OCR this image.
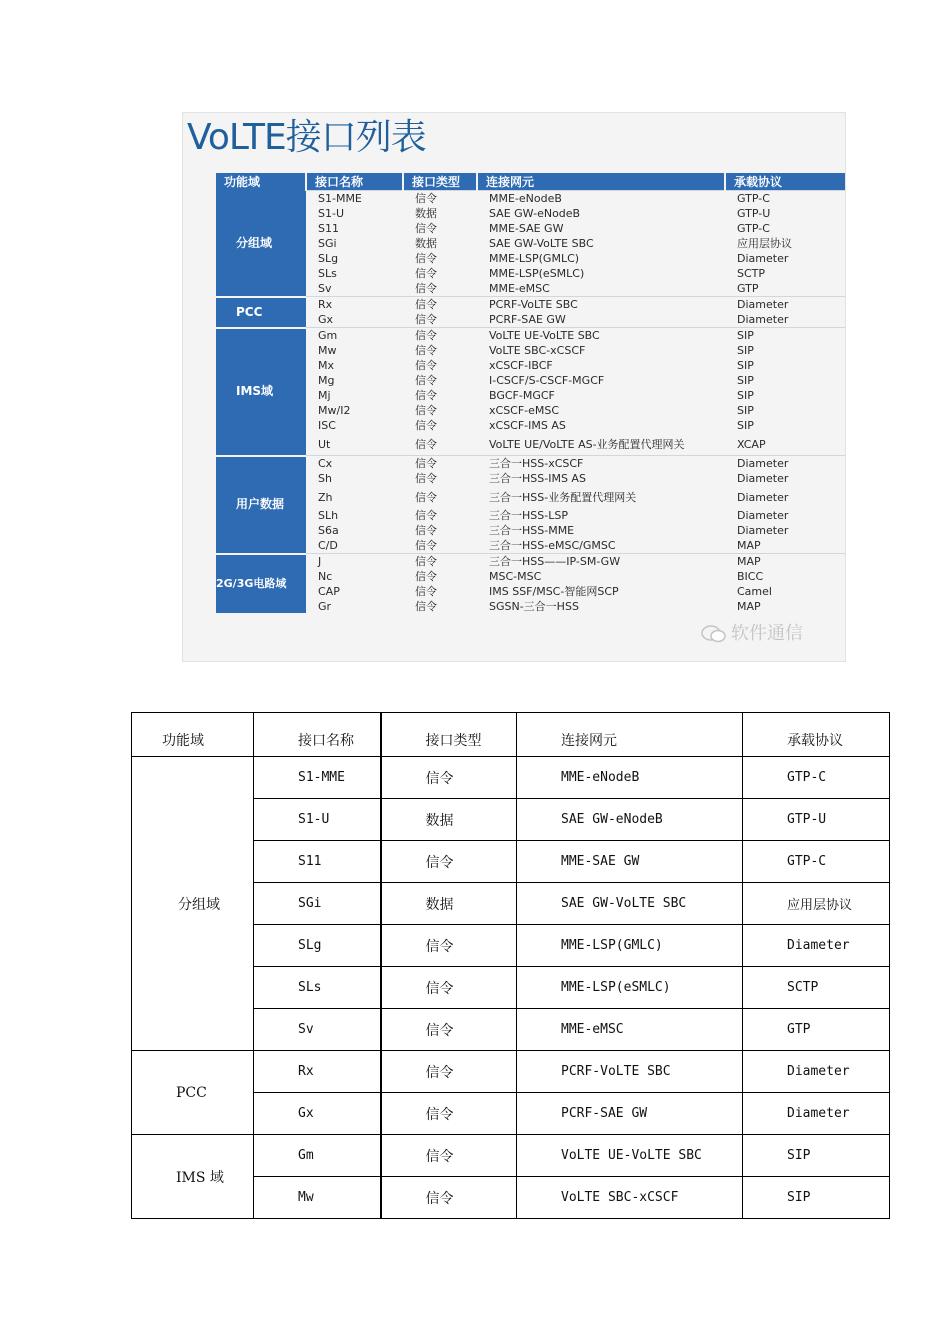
VoLTE接口列表
功能域	接口名称	接口类型	连接网元	承载协议
分组域	S1-MME	信令	MME-eNodeB	GTP-C
	S1-U	数据	SAE GW-eNodeB	GTP-U
	S11	信令	MME-SAE GW	GTP-C
	SGi	数据	SAE GW-VoLTE SBC	应用层协议
	SLg	信令	MME-LSP(GMLC)	Diameter
	SLs	信令	MME-LSP(eSMLC)	SCTP
	Sv	信令	MME-eMSC	GTP
PCC	Rx	信令	PCRF-VoLTE SBC	Diameter
	Gx	信令	PCRF-SAE GW	Diameter
IMS域	Gm	信令	VoLTE UE-VoLTE SBC	SIP
	Mw	信令	VoLTE SBC-xCSCF	SIP
	Mx	信令	xCSCF-IBCF	SIP
	Mg	信令	I-CSCF/S-CSCF-MGCF	SIP
	Mj	信令	BGCF-MGCF	SIP
	Mw/I2	信令	xCSCF-eMSC	SIP
	ISC	信令	xCSCF-IMS AS	SIP
	Ut	信令	VoLTE UE/VoLTE AS-业务配置代理网关	XCAP
用户数据	Cx	信令	三合一HSS-xCSCF	Diameter
	Sh	信令	三合一HSS-IMS AS	Diameter
	Zh	信令	三合一HSS-业务配置代理网关	Diameter
	SLh	信令	三合一HSS-LSP	Diameter
	S6a	信令	三合一HSS-MME	Diameter
	C/D	信令	三合一HSS-eMSC/GMSC	MAP
2G/3G电路域	J	信令	三合一HSS——IP-SM-GW	MAP
	Nc	信令	MSC-MSC	BICC
	CAP	信令	IMS SSF/MSC-智能网SCP	Camel
	Gr	信令	SGSN-三合一HSS	MAP
软件通信
功能域	接口名称	接口类型	连接网元	承载协议
分组域	S1-MME	信令	MME-eNodeB	GTP-C
	S1-U	数据	SAE GW-eNodeB	GTP-U
	S11	信令	MME-SAE GW	GTP-C
	SGi	数据	SAE GW-VoLTE SBC	应用层协议
	SLg	信令	MME-LSP(GMLC)	Diameter
	SLs	信令	MME-LSP(eSMLC)	SCTP
	Sv	信令	MME-eMSC	GTP
PCC	Rx	信令	PCRF-VoLTE SBC	Diameter
	Gx	信令	PCRF-SAE GW	Diameter
IMS 域	Gm	信令	VoLTE UE-VoLTE SBC	SIP
	Mw	信令	VoLTE SBC-xCSCF	SIP
